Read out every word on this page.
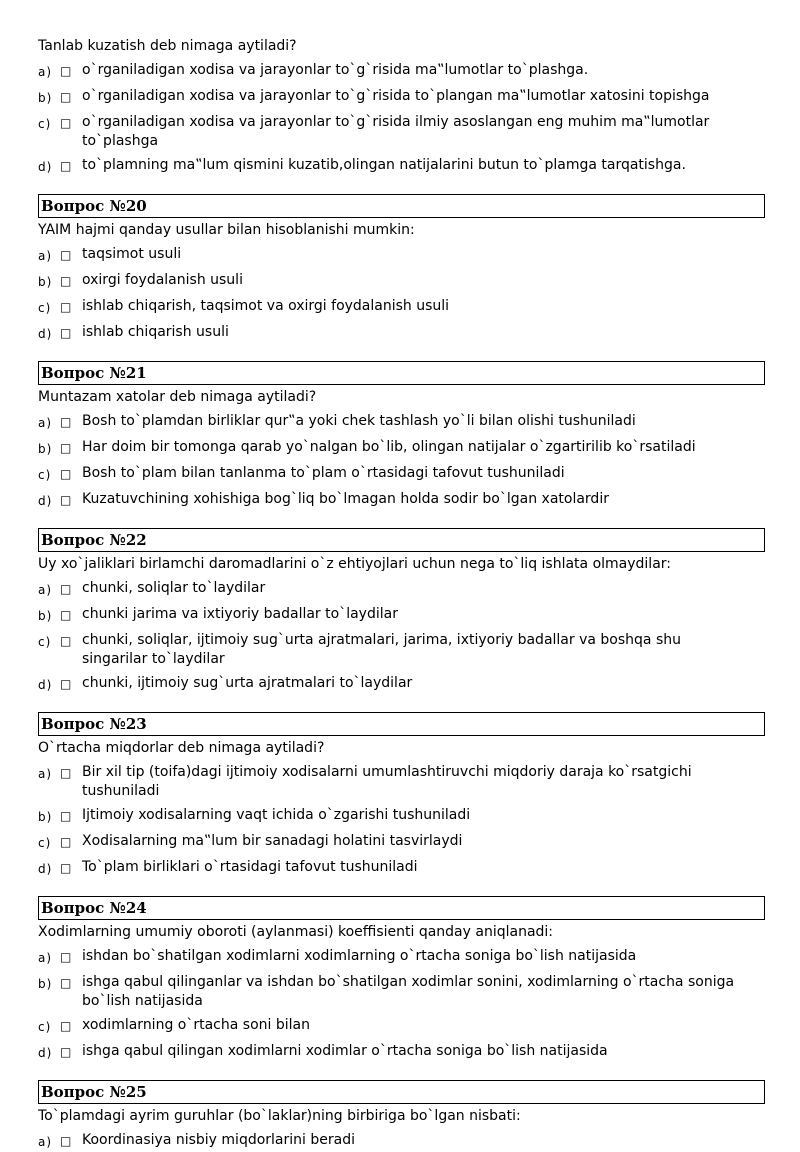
Tanlab kuzatish deb nimaga aytiladi?
a) □ o`rganiladigan xodisa va jarayonlar to`g`risida ma‟lumotlar to`plashga.
b) □ o`rganiladigan xodisa va jarayonlar to`g`risida to`plangan ma‟lumotlar xatosini topishga
c) □ o`rganiladigan xodisa va jarayonlar to`g`risida ilmiy asoslangan eng muhim ma‟lumotlar to`plashga
d) □ to`plamning ma‟lum qismini kuzatib,olingan natijalarini butun to`plamga tarqatishga.
Вопрос №20
YAIM hajmi qanday usullar bilan hisoblanishi mumkin:
a) □ taqsimot usuli
b) □ oxirgi foydalanish usuli
c) □ ishlab chiqarish, taqsimot va oxirgi foydalanish usuli
d) □ ishlab chiqarish usuli
Вопрос №21
Muntazam xatolar deb nimaga aytiladi?
a) □ Bosh to`plamdan birliklar qur‟a yoki chek tashlash yo`li bilan olishi tushuniladi
b) □ Har doim bir tomonga qarab yo`nalgan bo`lib, olingan natijalar o`zgartirilib ko`rsatiladi
c) □ Bosh to`plam bilan tanlanma to`plam o`rtasidagi tafovut tushuniladi
d) □ Kuzatuvchining xohishiga bog`liq bo`lmagan holda sodir bo`lgan xatolardir
Вопрос №22
Uy xo`jaliklari birlamchi daromadlarini o`z ehtiyojlari uchun nega to`liq ishlata olmaydilar:
a) □ chunki, soliqlar to`laydilar
b) □ chunki jarima va ixtiyoriy badallar to`laydilar
c) □ chunki, soliqlar, ijtimoiy sug`urta ajratmalari, jarima, ixtiyoriy badallar va boshqa shu singarilar to`laydilar
d) □ chunki, ijtimoiy sug`urta ajratmalari to`laydilar
Вопрос №23
O`rtacha miqdorlar deb nimaga aytiladi?
a) □ Bir xil tip (toifa)dagi ijtimoiy xodisalarni umumlashtiruvchi miqdoriy daraja ko`rsatgichi tushuniladi
b) □ Ijtimoiy xodisalarning vaqt ichida o`zgarishi tushuniladi
c) □ Xodisalarning ma‟lum bir sanadagi holatini tasvirlaydi
d) □ To`plam birliklari o`rtasidagi tafovut tushuniladi
Вопрос №24
Xodimlarning umumiy oboroti (aylanmasi) koeffisienti qanday aniqlanadi:
a) □ ishdan bo`shatilgan xodimlarni xodimlarning o`rtacha soniga bo`lish natijasida
b) □ ishga qabul qilinganlar va ishdan bo`shatilgan xodimlar sonini, xodimlarning o`rtacha soniga bo`lish natijasida
c) □ xodimlarning o`rtacha soni bilan
d) □ ishga qabul qilingan xodimlarni xodimlar o`rtacha soniga bo`lish natijasida
Вопрос №25
To`plamdagi ayrim guruhlar (bo`laklar)ning birbiriga bo`lgan nisbati:
a) □ Koordinasiya nisbiy miqdorlarini beradi
